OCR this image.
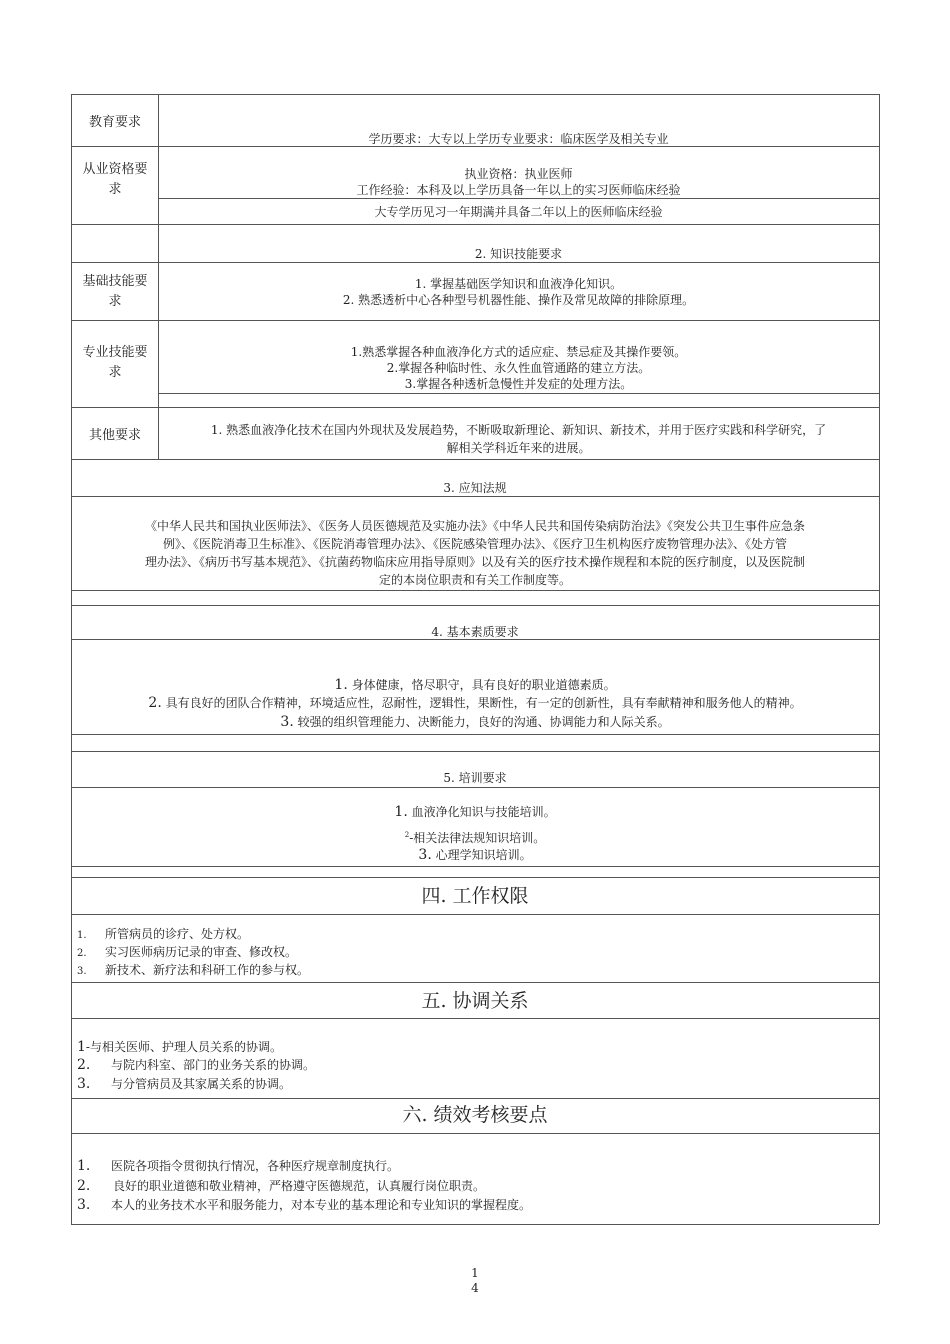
教育要求
学历要求：大专以上学历专业要求：临床医学及相关专业
从业资格要求
执业资格：执业医师
工作经验：本科及以上学历具备一年以上的实习医师临床经验
大专学历见习一年期满并具备二年以上的医师临床经验
2. 知识技能要求
基础技能要求
1. 掌握基础医学知识和血液净化知识。
2. 熟悉透析中心各种型号机器性能、操作及常见故障的排除原理。
专业技能要求
1.熟悉掌握各种血液净化方式的适应症、禁忌症及其操作要领。
2.掌握各种临时性、永久性血管通路的建立方法。
3.掌握各种透析急慢性并发症的处理方法。
其他要求	1. 熟悉血液净化技术在国内外现状及发展趋势，不断吸取新理论、新知识、新技术，并用于医疗实践和科学研究，了
解相关学科近年来的进展。
3. 应知法规
《中华人民共和国执业医师法》、《医务人员医德规范及实施办法》《中华人民共和国传染病防治法》《突发公共卫生事件应急条
例》、《医院消毒卫生标准》、《医院消毒管理办法》、《医院感染管理办法》、《医疗卫生机构医疗废物管理办法》、《处方管
理办法》、《病历书写基本规范》、《抗菌药物临床应用指导原则》以及有关的医疗技术操作规程和本院的医疗制度，以及医院制
定的本岗位职责和有关工作制度等。
4. 基本素质要求
1. 身体健康，恪尽职守，具有良好的职业道德素质。
2. 具有良好的团队合作精神，环境适应性，忍耐性，逻辑性，果断性，有一定的创新性，具有奉献精神和服务他人的精神。
3. 较强的组织管理能力、决断能力，良好的沟通、协调能力和人际关系。
5. 培训要求
1. 血液净化知识与技能培训。
$^2$-相关法律法规知识培训。
3. 心理学知识培训。
四. 工作权限
1. 所管病员的诊疗、处方权。
2. 实习医师病历记录的审查、修改权。
3. 新技术、新疗法和科研工作的参与权。
五. 协调关系
1-与相关医师、护理人员关系的协调。
2. 与院内科室、部门的业务关系的协调。
3. 与分管病员及其家属关系的协调。
六. 绩效考核要点
1. 医院各项指令贯彻执行情况，各种医疗规章制度执行。
2. 良好的职业道德和敬业精神，严格遵守医德规范，认真履行岗位职责。
3. 本人的业务技术水平和服务能力，对本专业的基本理论和专业知识的掌握程度。
1
4
